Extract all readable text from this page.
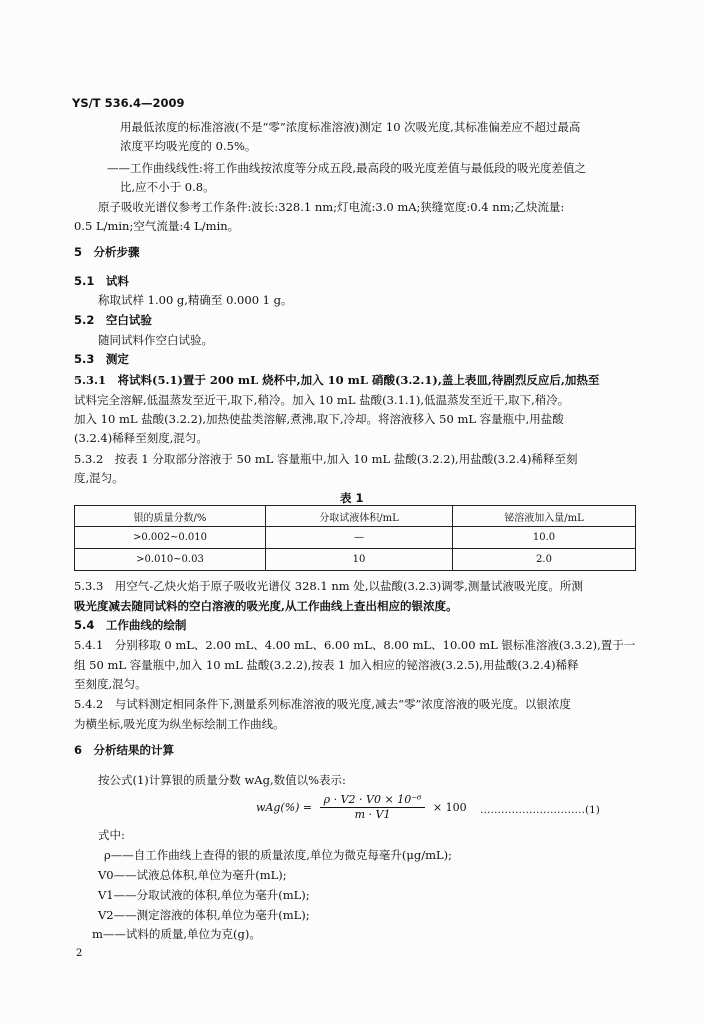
YS/T 536.4—2009
用最低浓度的标准溶液(不是“零”浓度标准溶液)测定 10 次吸光度,其标准偏差应不超过最高
浓度平均吸光度的 0.5%。
——工作曲线线性:将工作曲线按浓度等分成五段,最高段的吸光度差值与最低段的吸光度差值之
比,应不小于 0.8。
原子吸收光谱仪参考工作条件:波长:328.1 nm;灯电流:3.0 mA;狭缝宽度:0.4 nm;乙炔流量:
0.5 L/min;空气流量:4 L/min。
5　分析步骤
5.1　试料
称取试样 1.00 g,精确至 0.000 1 g。
5.2　空白试验
随同试料作空白试验。
5.3　测定
5.3.1　将试料(5.1)置于 200 mL 烧杯中,加入 10 mL 硝酸(3.2.1),盖上表皿,待剧烈反应后,加热至
试料完全溶解,低温蒸发至近干,取下,稍冷。加入 10 mL 盐酸(3.1.1),低温蒸发至近干,取下,稍冷。
加入 10 mL 盐酸(3.2.2),加热使盐类溶解,煮沸,取下,冷却。将溶液移入 50 mL 容量瓶中,用盐酸
(3.2.4)稀释至刻度,混匀。
5.3.2　按表 1 分取部分溶液于 50 mL 容量瓶中,加入 10 mL 盐酸(3.2.2),用盐酸(3.2.4)稀释至刻
度,混匀。
表 1
银的质量分数/%	分取试液体积/mL	铋溶液加入量/mL
>0.002~0.010	—	10.0
>0.010~0.03	10	2.0
5.3.3　用空气-乙炔火焰于原子吸收光谱仪 328.1 nm 处,以盐酸(3.2.3)调零,测量试液吸光度。所测
吸光度减去随同试料的空白溶液的吸光度,从工作曲线上查出相应的银浓度。
5.4　工作曲线的绘制
5.4.1　分别移取 0 mL、2.00 mL、4.00 mL、6.00 mL、8.00 mL、10.00 mL 银标准溶液(3.3.2),置于一
组 50 mL 容量瓶中,加入 10 mL 盐酸(3.2.2),按表 1 加入相应的铋溶液(3.2.5),用盐酸(3.2.4)稀释
至刻度,混匀。
5.4.2　与试料测定相同条件下,测量系列标准溶液的吸光度,减去“零”浓度溶液的吸光度。以银浓度
为横坐标,吸光度为纵坐标绘制工作曲线。
6　分析结果的计算
按公式(1)计算银的质量分数 wAg,数值以%表示:
$wAg(\%) = \frac{\text{ρ · V2 · V0 × 10⁻⁶}}{m \cdot V1} \times 100$ …………………………(1)
式中:
ρ——自工作曲线上查得的银的质量浓度,单位为微克每毫升(μg/mL);
V0——试液总体积,单位为毫升(mL);
V1——分取试液的体积,单位为毫升(mL);
V2——测定溶液的体积,单位为毫升(mL);
m——试料的质量,单位为克(g)。
2
